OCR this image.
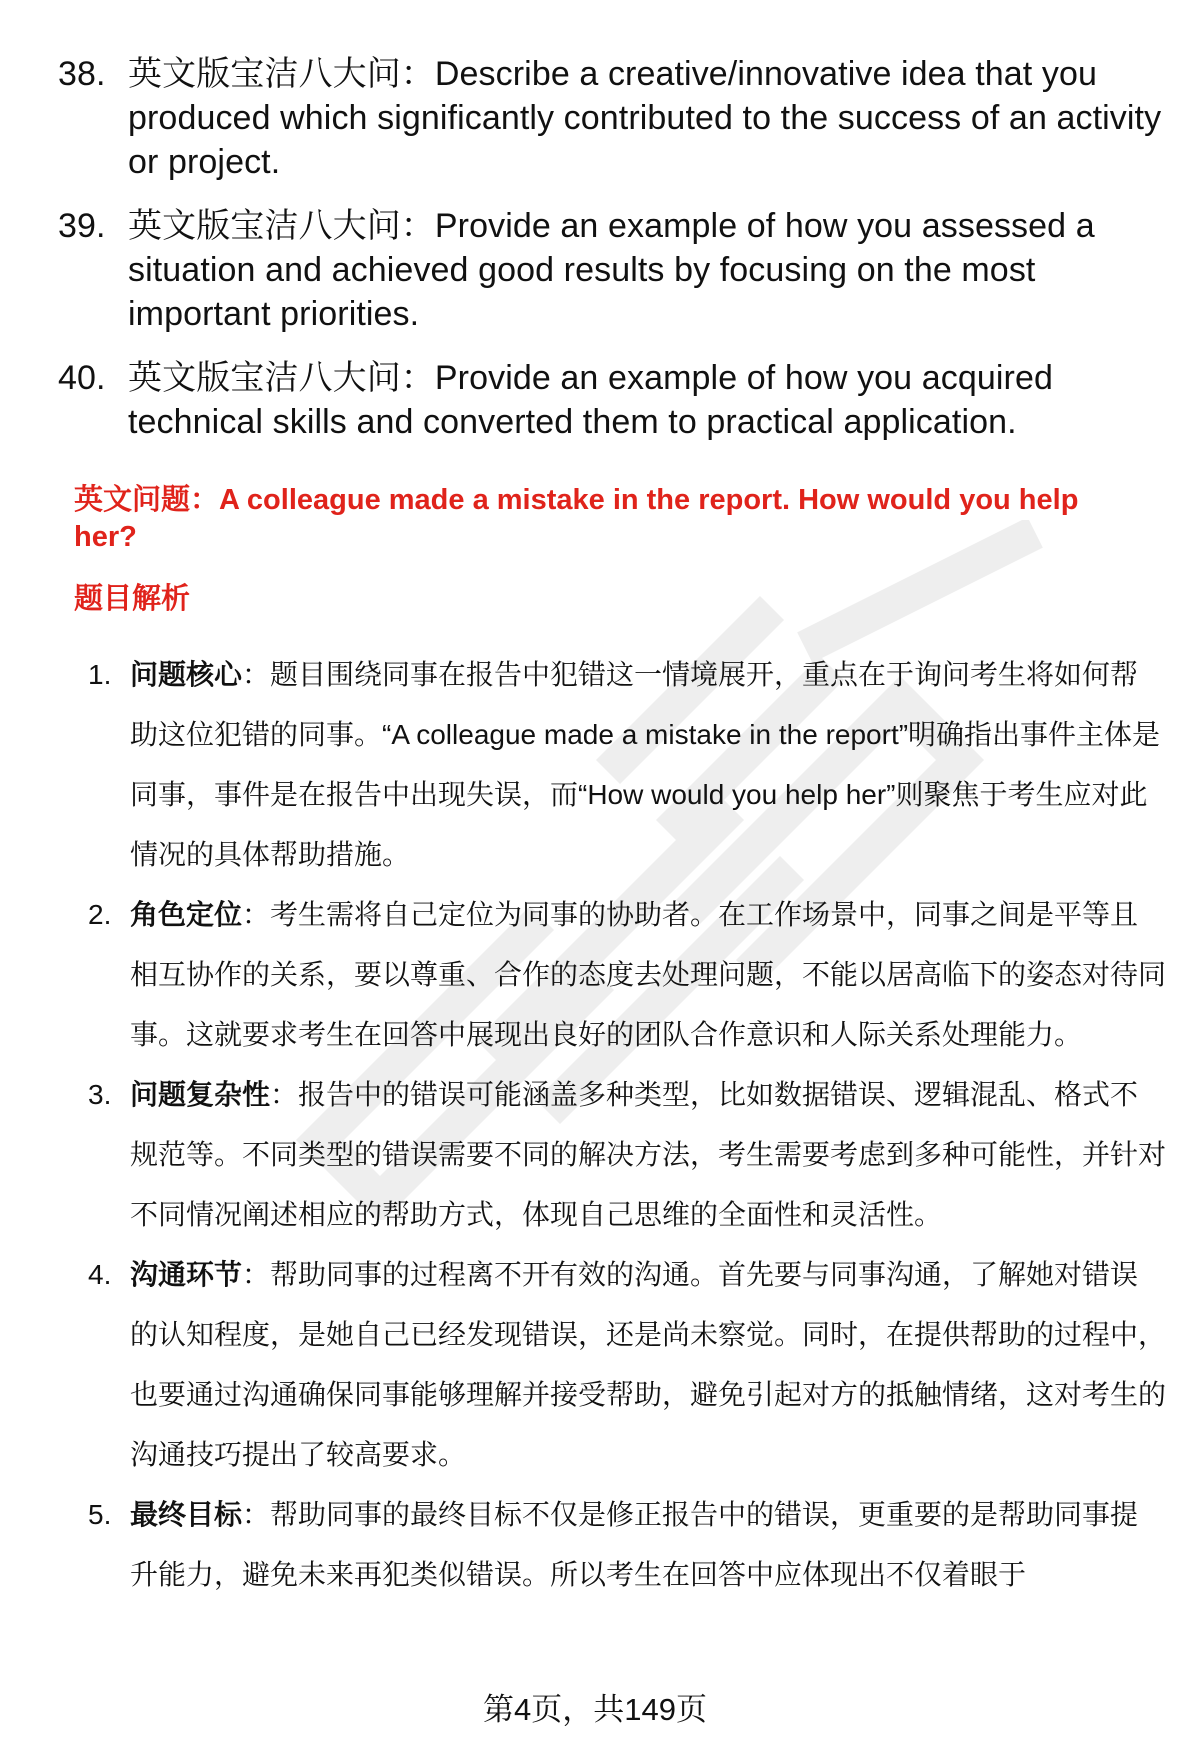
38. 英文版宝洁八大问：Describe a creative/innovative idea that you produced which significantly contributed to the success of an activity or project.
39. 英文版宝洁八大问：Provide an example of how you assessed a situation and achieved good results by focusing on the most important priorities.
40. 英文版宝洁八大问：Provide an example of how you acquired technical skills and converted them to practical application.
英文问题：A colleague made a mistake in the report. How would you help her?
题目解析
1. 问题核心：题目围绕同事在报告中犯错这一情境展开，重点在于询问考生将如何帮助这位犯错的同事。“A colleague made a mistake in the report”明确指出事件主体是同事，事件是在报告中出现失误，而“How would you help her”则聚焦于考生应对此情况的具体帮助措施。
2. 角色定位：考生需将自己定位为同事的协助者。在工作场景中，同事之间是平等且相互协作的关系，要以尊重、合作的态度去处理问题，不能以居高临下的姿态对待同事。这就要求考生在回答中展现出良好的团队合作意识和人际关系处理能力。
3. 问题复杂性：报告中的错误可能涵盖多种类型，比如数据错误、逻辑混乱、格式不规范等。不同类型的错误需要不同的解决方法，考生需要考虑到多种可能性，并针对不同情况阐述相应的帮助方式，体现自己思维的全面性和灵活性。
4. 沟通环节：帮助同事的过程离不开有效的沟通。首先要与同事沟通，了解她对错误的认知程度，是她自己已经发现错误，还是尚未察觉。同时，在提供帮助的过程中，也要通过沟通确保同事能够理解并接受帮助，避免引起对方的抵触情绪，这对考生的沟通技巧提出了较高要求。
5. 最终目标：帮助同事的最终目标不仅是修正报告中的错误，更重要的是帮助同事提升能力，避免未来再犯类似错误。所以考生在回答中应体现出不仅着眼于
第4页，共149页
